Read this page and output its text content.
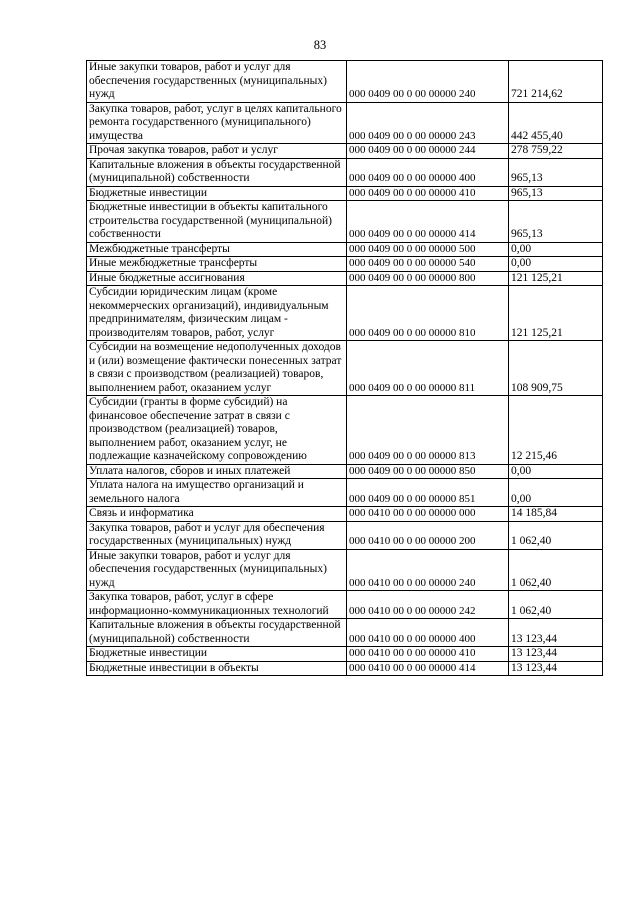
83
Иные закупки товаров, работ и услуг для обеспечения государственных (муниципальных) нужд	000 0409 00 0 00 00000 240	721 214,62
Закупка товаров, работ, услуг в целях капитального ремонта государственного (муниципального) имущества	000 0409 00 0 00 00000 243	442 455,40
Прочая закупка товаров, работ и услуг	000 0409 00 0 00 00000 244	278 759,22
Капитальные вложения в объекты государственной (муниципальной) собственности	000 0409 00 0 00 00000 400	965,13
Бюджетные инвестиции	000 0409 00 0 00 00000 410	965,13
Бюджетные инвестиции в объекты капитального строительства государственной (муниципальной) собственности	000 0409 00 0 00 00000 414	965,13
Межбюджетные трансферты	000 0409 00 0 00 00000 500	0,00
Иные межбюджетные трансферты	000 0409 00 0 00 00000 540	0,00
Иные бюджетные ассигнования	000 0409 00 0 00 00000 800	121 125,21
Субсидии юридическим лицам (кроме некоммерческих организаций), индивидуальным предпринимателям, физическим лицам - производителям товаров, работ, услуг	000 0409 00 0 00 00000 810	121 125,21
Субсидии на возмещение недополученных доходов и (или) возмещение фактически понесенных затрат в связи с производством (реализацией) товаров, выполнением работ, оказанием услуг	000 0409 00 0 00 00000 811	108 909,75
Субсидии (гранты в форме субсидий) на финансовое обеспечение затрат в связи с производством (реализацией) товаров, выполнением работ, оказанием услуг, не подлежащие казначейскому сопровождению	000 0409 00 0 00 00000 813	12 215,46
Уплата налогов, сборов и иных платежей	000 0409 00 0 00 00000 850	0,00
Уплата налога на имущество организаций и земельного налога	000 0409 00 0 00 00000 851	0,00
Связь и информатика	000 0410 00 0 00 00000 000	14 185,84
Закупка товаров, работ и услуг для обеспечения государственных (муниципальных) нужд	000 0410 00 0 00 00000 200	1 062,40
Иные закупки товаров, работ и услуг для обеспечения государственных (муниципальных) нужд	000 0410 00 0 00 00000 240	1 062,40
Закупка товаров, работ, услуг в сфере информационно-коммуникационных технологий	000 0410 00 0 00 00000 242	1 062,40
Капитальные вложения в объекты государственной (муниципальной) собственности	000 0410 00 0 00 00000 400	13 123,44
Бюджетные инвестиции	000 0410 00 0 00 00000 410	13 123,44
Бюджетные инвестиции в объекты	000 0410 00 0 00 00000 414	13 123,44
